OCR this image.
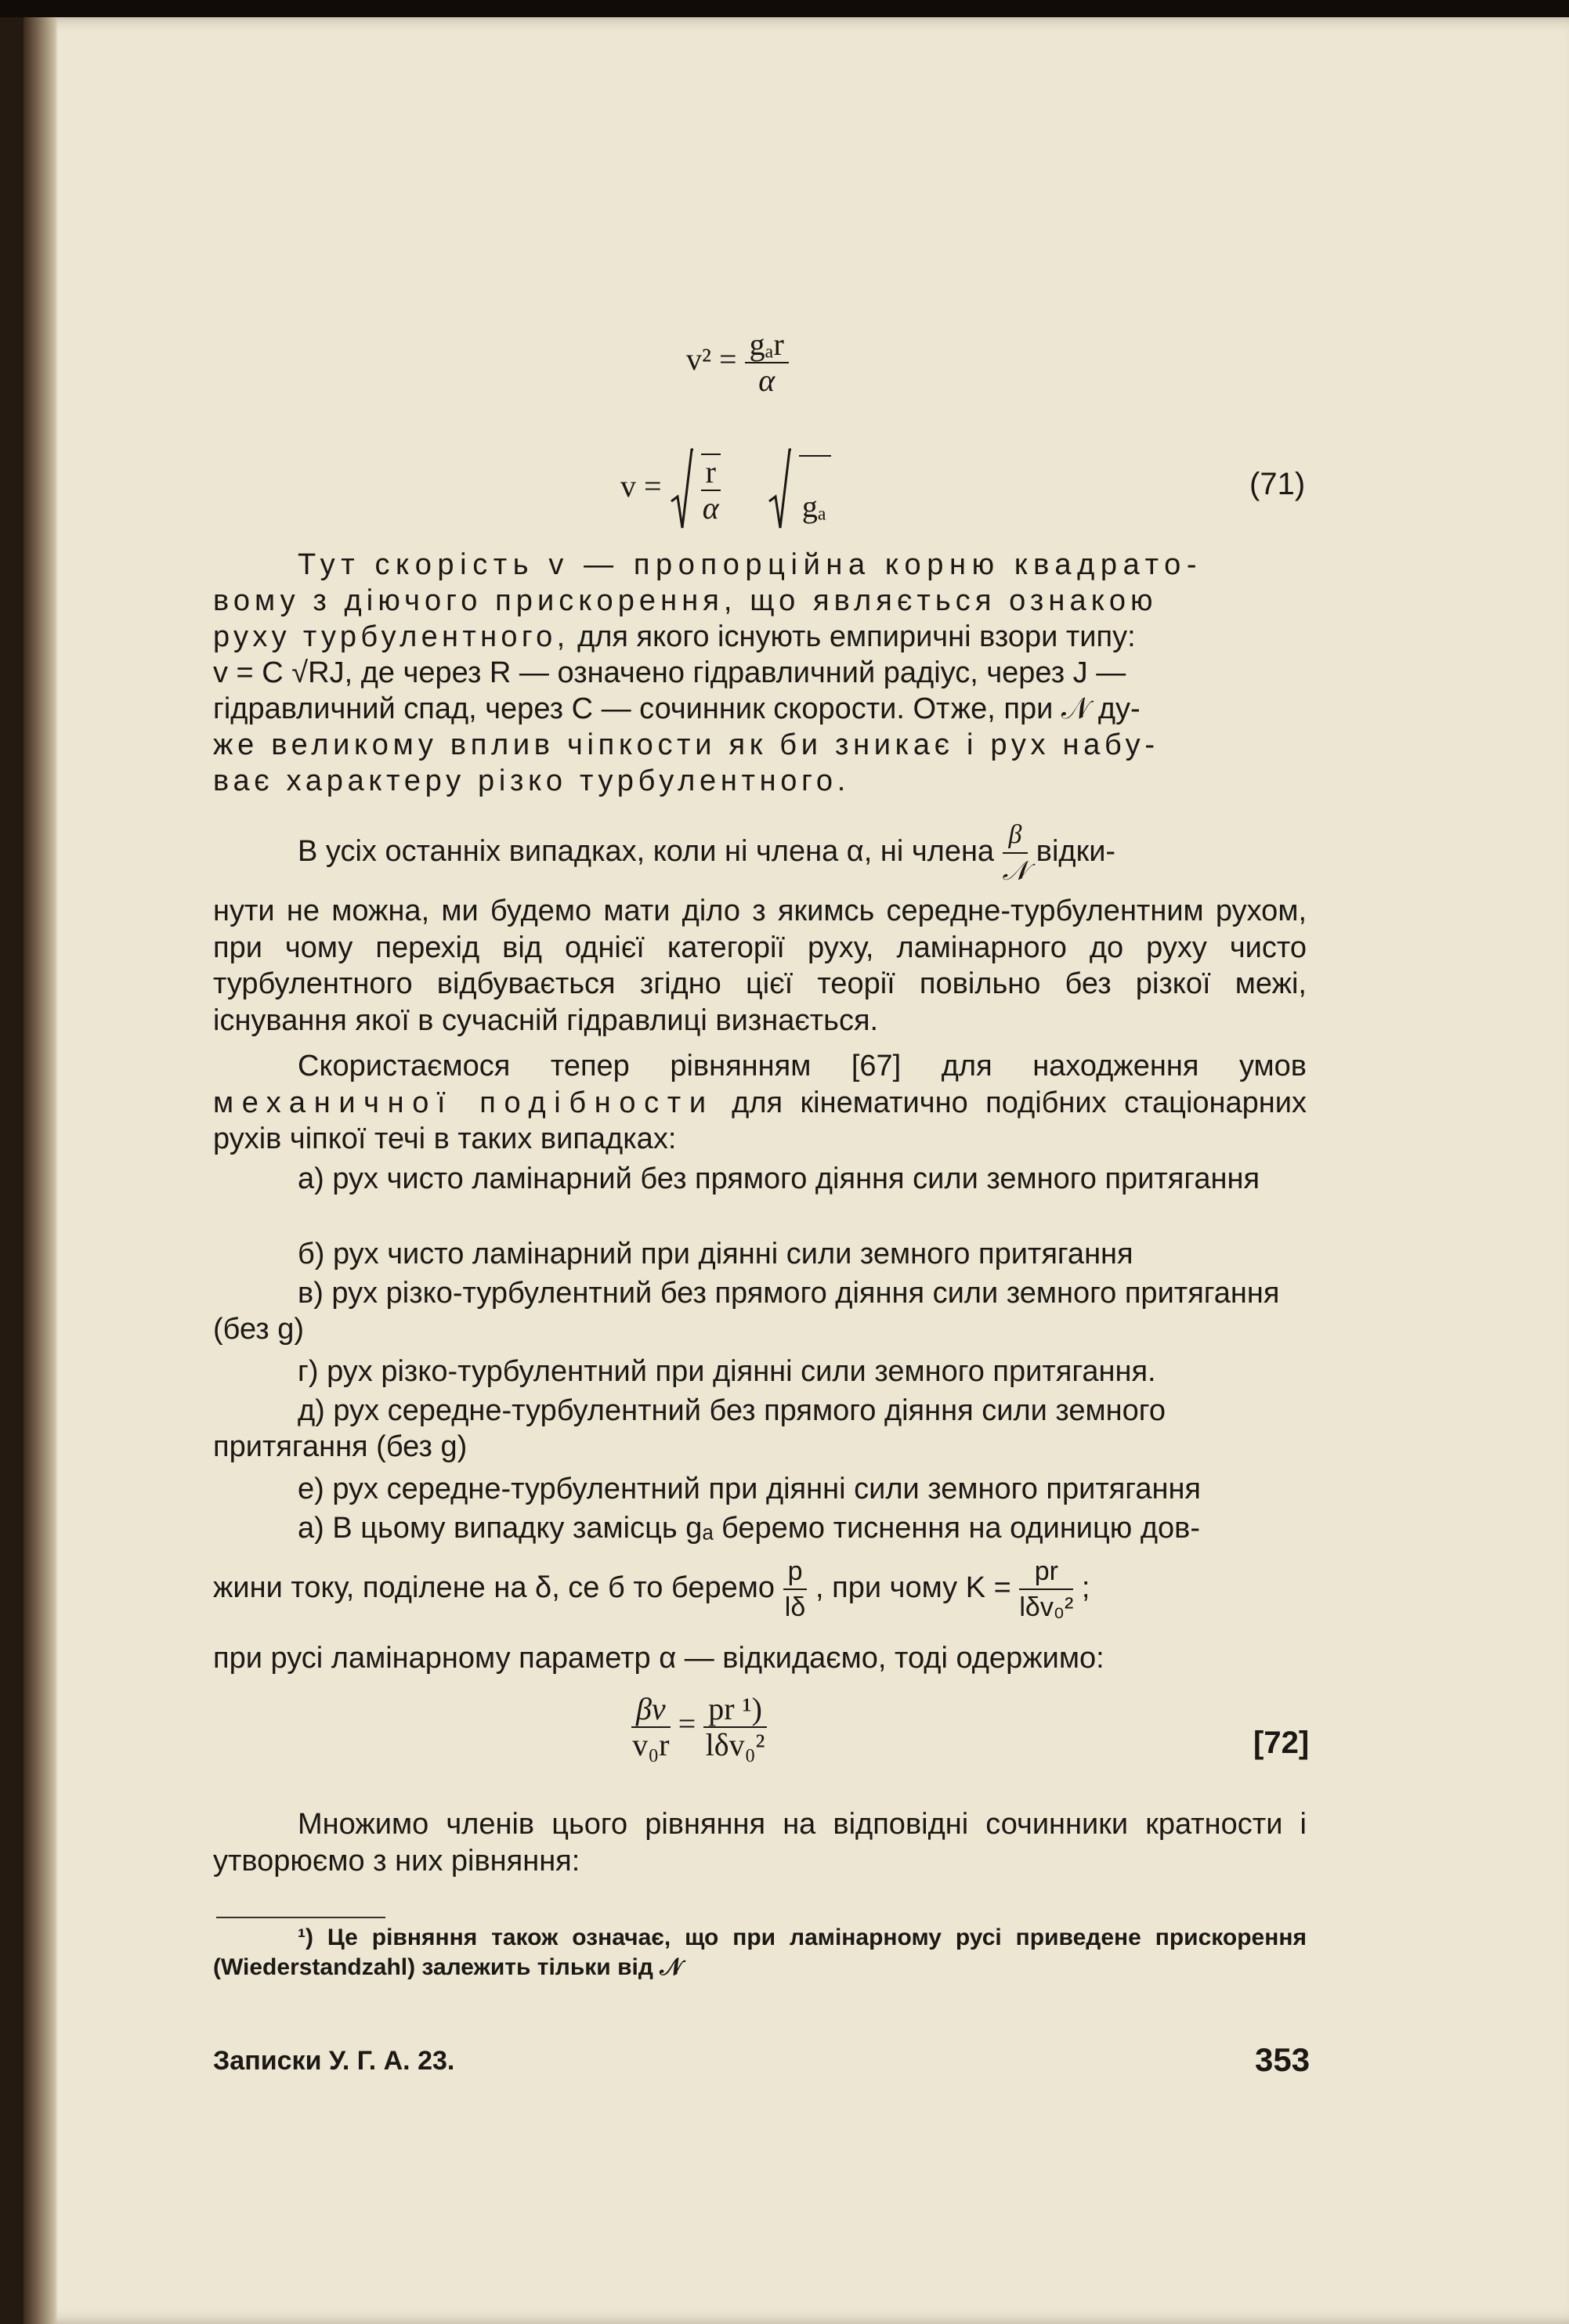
$v^2 = \frac{\text{gₐr}}{\alpha}$
$v = \frac{r}{\alpha}$	gₐ
(71)
Тут скорість v — пропорційна корню квадрато-
вому з діючого прискорення, що являється ознакою
руху турбулентного, для якого існують емпиричні взори типу:
v = C √RJ, де через R — означено гідравличний радіус, через J —
гідравличний спад, через C — сочинник скорости. Отже, при 𝒩 ду-
же великому вплив чіпкости як би зникає і рух набу-
ває характеру різко турбулентного.
В усіх останніх випадках, коли ні члена α, ні члена $\frac{\beta}{\text{𝒩}}$ відки-
нути не можна, ми будемо мати діло з якимсь середне-турбулентним рухом, при чому перехід від однієї категорії руху, ламінарного до руху чисто турбулентного відбувається згідно цієї теорії повільно без різкої межі, існування якої в сучасній гідравлиці визнається.
Скористаємося тепер рівнянням [67] для находження умов механичної подібности для кінематично подібних стаціонарних рухів чіпкої течі в таких випадках:
а) рух чисто ламінарний без прямого діяння сили земного притягання
б) рух чисто ламінарний при діянні сили земного притягання
в) рух різко-турбулентний без прямого діяння сили земного притягання (без g)
г) рух різко-турбулентний при діянні сили земного притягання.
д) рух середне-турбулентний без прямого діяння сили земного притягання (без g)
е) рух середне-турбулентний при діянні сили земного притягання
а) В цьому випадку замісць gₐ беремо тиснення на одиницю дов-
жини току, поділене на δ, се б то беремо $\frac{p}{l\delta}$ , при чому $K = \frac{pr}{\text{lδv₀²}}$ ;
при русі ламінарному параметр α — відкидаємо, тоді одержимо:
$\frac{\beta\nu}{\text{v₀r}} = \frac{\text{pr ¹)}}{\text{lδv₀²}}$	[72]
Множимо членів цього рівняння на відповідні сочинники кратности і утворюємо з них рівняння:
¹) Це рівняння також означає, що при ламінарному русі приведене прискорення (Wiederstandzahl) залежить тільки від 𝒩
Записки У. Г. А. 23.	353
